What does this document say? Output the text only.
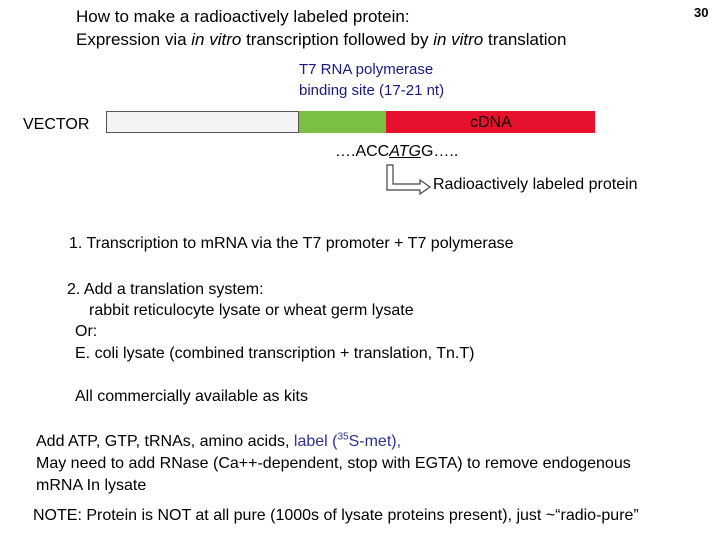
30
How to make a radioactively labeled protein:
Expression via in vitro transcription followed by in vitro translation
T7 RNA polymerase
binding site (17-21 nt)
VECTOR	cDNA
….ACCATGG…..
Radioactively labeled protein
1. Transcription to mRNA via the T7 promoter + T7 polymerase
2. Add a translation system:
rabbit reticulocyte lysate or wheat germ lysate
Or:
E. coli lysate (combined transcription + translation, Tn.T)
All commercially available as kits
Add ATP, GTP, tRNAs, amino acids, label ($^{35}$S-met),
May need to add RNase (Ca++-dependent, stop with EGTA) to remove endogenous
mRNA In lysate
NOTE: Protein is NOT at all pure (1000s of lysate proteins present), just ~“radio-pure”
